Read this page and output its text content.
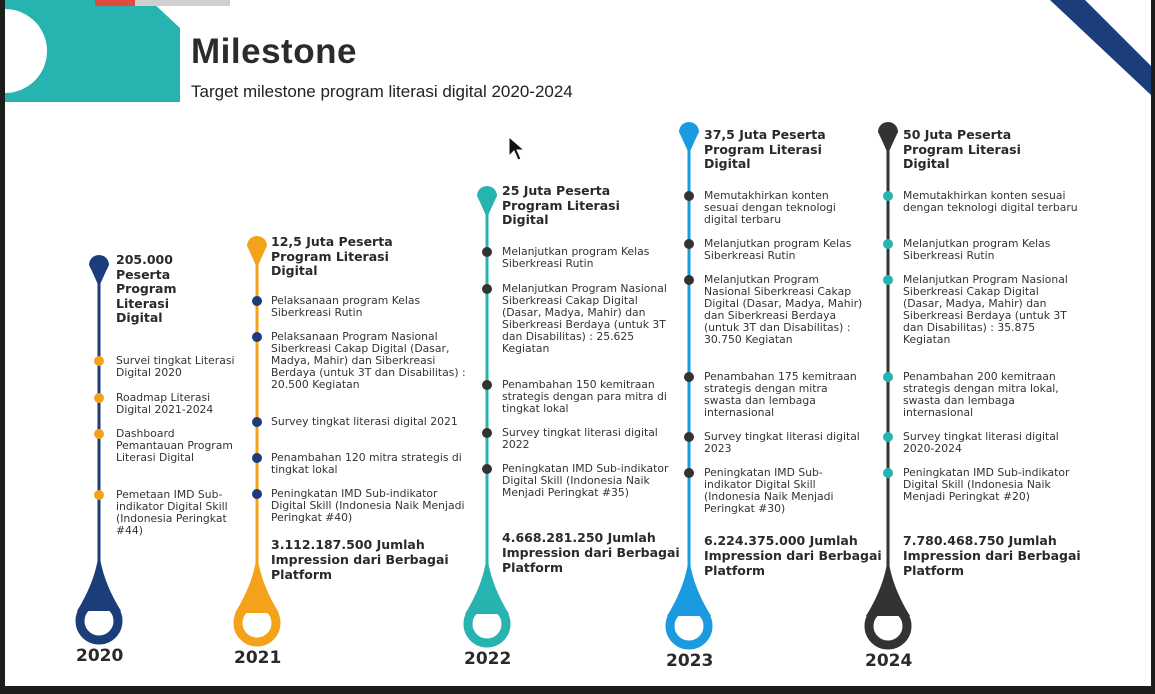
Milestone

Target milestone program literasi digital 2020-2024

205.000 Peserta Program Literasi Digital
Survei tingkat Literasi Digital 2020
Roadmap Literasi Digital 2021-2024
Dashboard Pemantauan Program Literasi Digital
Pemetaan IMD Sub-indikator Digital Skill (Indonesia Peringkat #44)
2020
12,5 Juta Peserta Program Literasi Digital
Pelaksanaan program Kelas Siberkreasi Rutin
Pelaksanaan Program Nasional Siberkreasi Cakap Digital (Dasar, Madya, Mahir) dan Siberkreasi Berdaya (untuk 3T dan Disabilitas) : 20.500 Kegiatan
Survey tingkat literasi digital 2021
Penambahan 120 mitra strategis di tingkat lokal
Peningkatan IMD Sub-indikator Digital Skill (Indonesia Naik Menjadi Peringkat #40)
3.112.187.500 Jumlah Impression dari Berbagai Platform
2021
25 Juta Peserta Program Literasi Digital
Melanjutkan program Kelas Siberkreasi Rutin
Melanjutkan Program Nasional Siberkreasi Cakap Digital (Dasar, Madya, Mahir) dan Siberkreasi Berdaya (untuk 3T dan Disabilitas) : 25.625 Kegiatan
Penambahan 150 kemitraan strategis dengan para mitra di tingkat lokal
Survey tingkat literasi digital 2022
Peningkatan IMD Sub-indikator Digital Skill (Indonesia Naik Menjadi Peringkat #35)
4.668.281.250 Jumlah Impression dari Berbagai Platform
2022
37,5 Juta Peserta Program Literasi Digital
Memutakhirkan konten sesuai dengan teknologi digital terbaru
Melanjutkan program Kelas Siberkreasi Rutin
Melanjutkan Program Nasional Siberkreasi Cakap Digital (Dasar, Madya, Mahir) dan Siberkreasi Berdaya (untuk 3T dan Disabilitas) : 30.750 Kegiatan
Penambahan 175 kemitraan strategis dengan mitra swasta dan lembaga internasional
Survey tingkat literasi digital 2023
Peningkatan IMD Sub-indikator Digital Skill (Indonesia Naik Menjadi Peringkat #30)
6.224.375.000 Jumlah Impression dari Berbagai Platform
2023
50 Juta Peserta Program Literasi Digital
Memutakhirkan konten sesuai dengan teknologi digital terbaru
Melanjutkan program Kelas Siberkreasi Rutin
Melanjutkan Program Nasional Siberkreasi Cakap Digital (Dasar, Madya, Mahir) dan Siberkreasi Berdaya (untuk 3T dan Disabilitas) : 35.875 Kegiatan
Penambahan 200 kemitraan strategis dengan mitra lokal, swasta dan lembaga internasional
Survey tingkat literasi digital 2020-2024
Peningkatan IMD Sub-indikator Digital Skill (Indonesia Naik Menjadi Peringkat #20)
7.780.468.750 Jumlah Impression dari Berbagai Platform
2024
